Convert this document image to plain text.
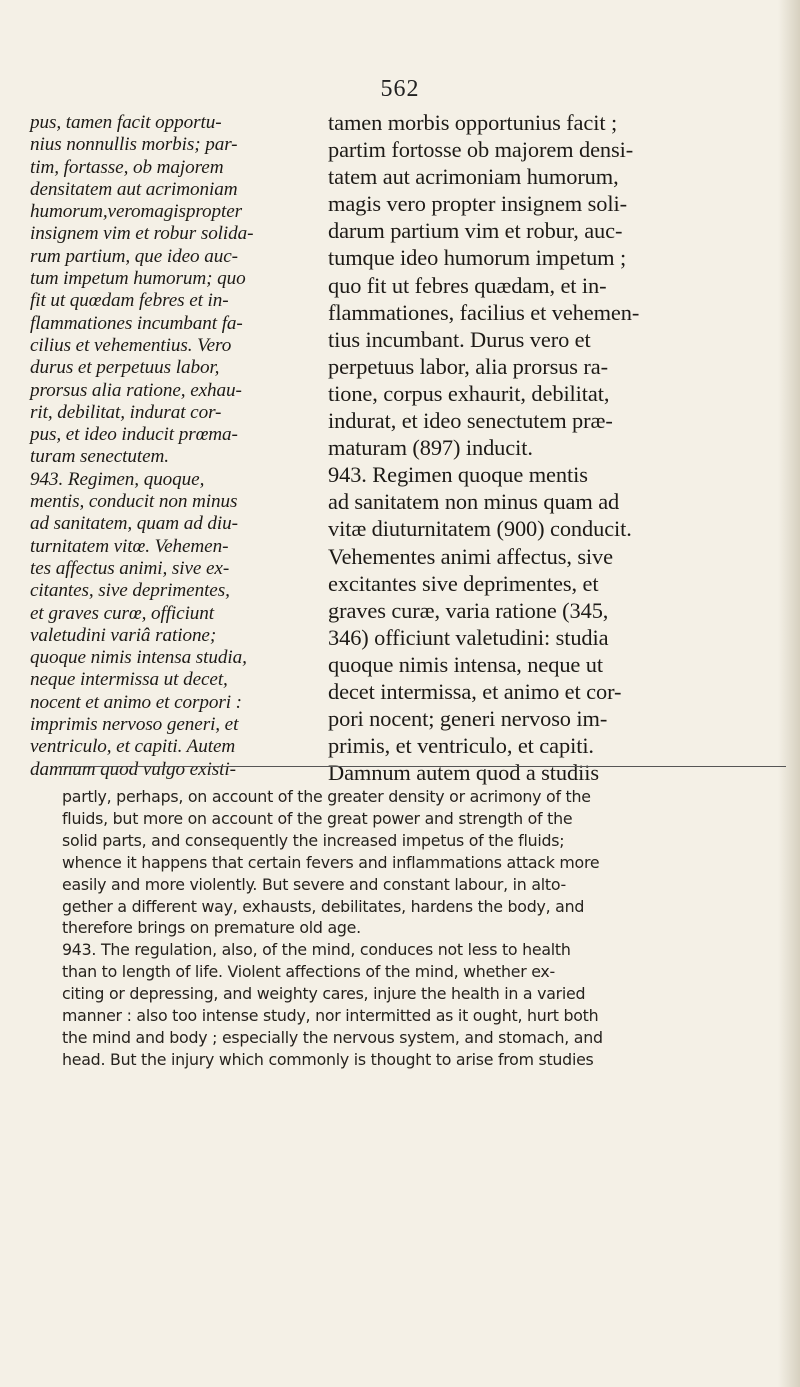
562
pus, tamen facit opportu-
nius nonnullis morbis; par-
tim, fortasse, ob majorem
densitatem aut acrimoniam
humorum,veromagispropter
insignem vim et robur solida-
rum partium, que ideo auc-
tum impetum humorum; quo
fit ut quœdam febres et in-
flammationes incumbant fa-
cilius et vehementius. Vero
durus et perpetuus labor,
prorsus alia ratione, exhau-
rit, debilitat, indurat cor-
pus, et ideo inducit prœma-
turam senectutem.
943. Regimen, quoque,
mentis, conducit non minus
ad sanitatem, quam ad diu-
turnitatem vitœ. Vehemen-
tes affectus animi, sive ex-
citantes, sive deprimentes,
et graves curœ, officiunt
valetudini variâ ratione;
quoque nimis intensa studia,
neque intermissa ut decet,
nocent et animo et corpori :
imprimis nervoso generi, et
ventriculo, et capiti. Autem
damnum quod vulgo existi-
tamen morbis opportunius facit ;
partim fortosse ob majorem densi-
tatem aut acrimoniam humorum,
magis vero propter insignem soli-
darum partium vim et robur, auc-
tumque ideo humorum impetum ;
quo fit ut febres quædam, et in-
flammationes, facilius et vehemen-
tius incumbant. Durus vero et
perpetuus labor, alia prorsus ra-
tione, corpus exhaurit, debilitat,
indurat, et ideo senectutem præ-
maturam (897) inducit.
943. Regimen quoque mentis
ad sanitatem non minus quam ad
vitæ diuturnitatem (900) conducit.
Vehementes animi affectus, sive
excitantes sive deprimentes, et
graves curæ, varia ratione (345,
346) officiunt valetudini: studia
quoque nimis intensa, neque ut
decet intermissa, et animo et cor-
pori nocent; generi nervoso im-
primis, et ventriculo, et capiti.
Damnum autem quod a studiis
partly, perhaps, on account of the greater density or acrimony of the
fluids, but more on account of the great power and strength of the
solid parts, and consequently the increased impetus of the fluids;
whence it happens that certain fevers and inflammations attack more
easily and more violently. But severe and constant labour, in alto-
gether a different way, exhausts, debilitates, hardens the body, and
therefore brings on premature old age.
943. The regulation, also, of the mind, conduces not less to health
than to length of life. Violent affections of the mind, whether ex-
citing or depressing, and weighty cares, injure the health in a varied
manner : also too intense study, nor intermitted as it ought, hurt both
the mind and body ; especially the nervous system, and stomach, and
head. But the injury which commonly is thought to arise from studies
